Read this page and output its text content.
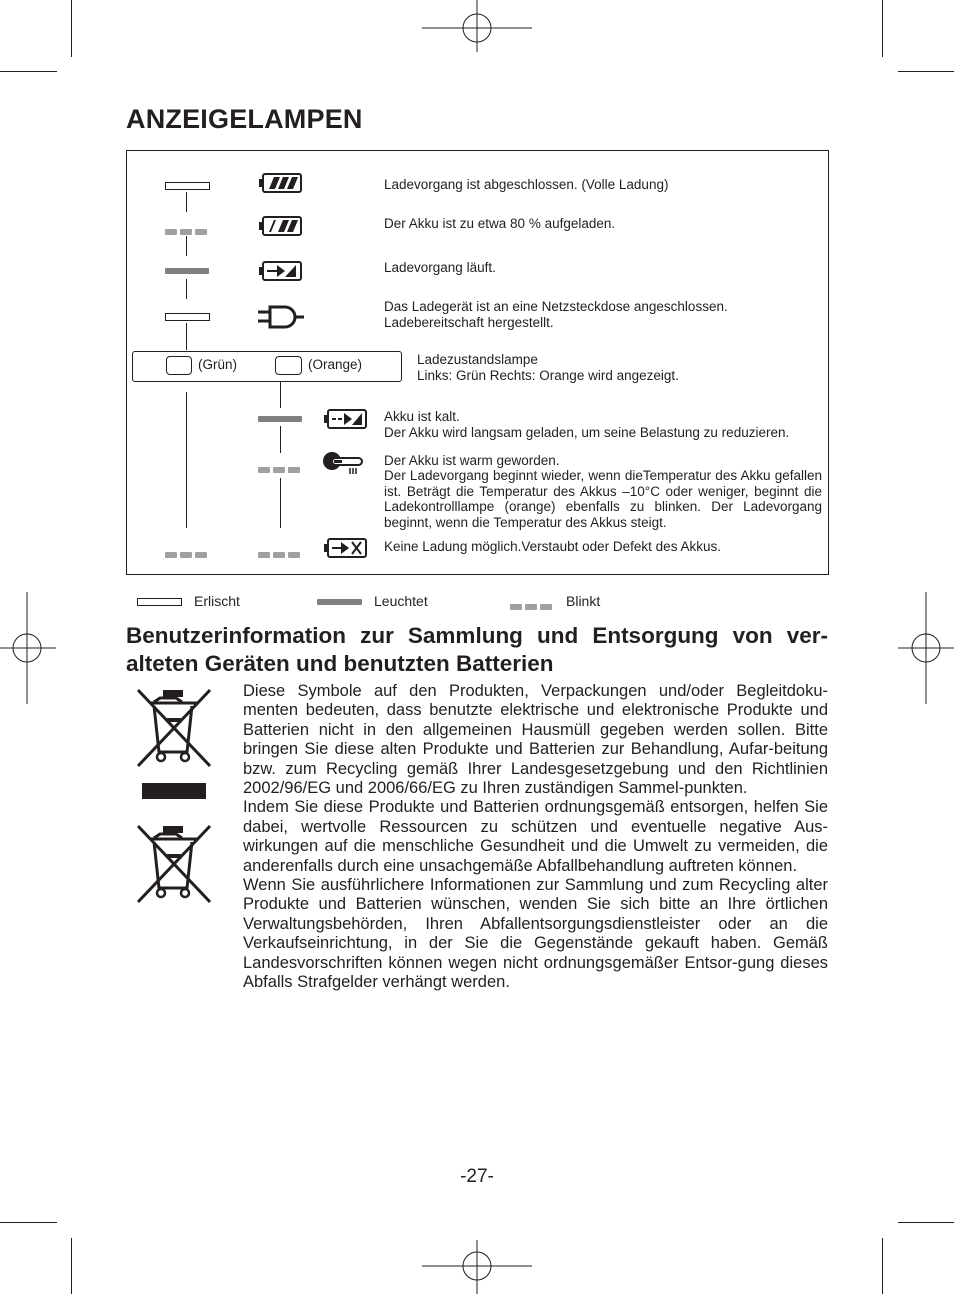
ANZEIGELAMPEN
Ladevorgang ist abgeschlossen. (Volle Ladung)
Der Akku ist zu etwa 80 % aufgeladen.
Ladevorgang läuft.
Das Ladegerät ist an eine Netzsteckdose angeschlossen.
Ladebereitschaft hergestellt.
(Grün)	(Orange)	Ladezustandslampe
Links: Grün Rechts: Orange wird angezeigt.
Akku ist kalt.
Der Akku wird langsam geladen, um seine Belastung zu reduzieren.
Der Akku ist warm geworden.
Der Ladevorgang beginnt wieder, wenn dieTemperatur des Akku gefallen ist. Beträgt die Temperatur des Akkus –10°C oder weniger, beginnt die Ladekontrolllampe (orange) ebenfalls zu blinken. Der Ladevorgang beginnt, wenn die Temperatur des Akkus steigt.
Keine Ladung möglich.Verstaubt oder Defekt des Akkus.
Erlischt	Leuchtet	Blinkt
Benutzerinformation zur Sammlung und Entsorgung von ver-alteten Geräten und benutzten Batterien

Diese Symbole auf den Produkten, Verpackungen und/oder Begleitdoku-menten bedeuten, dass benutzte elektrische und elektronische Produkte und Batterien nicht in den allgemeinen Hausmüll gegeben werden sollen. Bitte bringen Sie diese alten Produkte und Batterien zur Behandlung, Aufar-beitung bzw. zum Recycling gemäß Ihrer Landesgesetzgebung und den Richtlinien 2002/96/EG und 2006/66/EG zu Ihren zuständigen Sammel-punkten.

Indem Sie diese Produkte und Batterien ordnungsgemäß entsorgen, helfen Sie dabei, wertvolle Ressourcen zu schützen und eventuelle negative Aus-wirkungen auf die menschliche Gesundheit und die Umwelt zu vermeiden, die anderenfalls durch eine unsachgemäße Abfallbehandlung auftreten können.

Wenn Sie ausführlichere Informationen zur Sammlung und zum Recycling alter Produkte und Batterien wünschen, wenden Sie sich bitte an Ihre örtlichen Verwaltungsbehörden, Ihren Abfallentsorgungsdienstleister oder an die Verkaufseinrichtung, in der Sie die Gegenstände gekauft haben. Gemäß Landesvorschriften können wegen nicht ordnungsgemäßer Entsor-gung dieses Abfalls Strafgelder verhängt werden.

-27-
